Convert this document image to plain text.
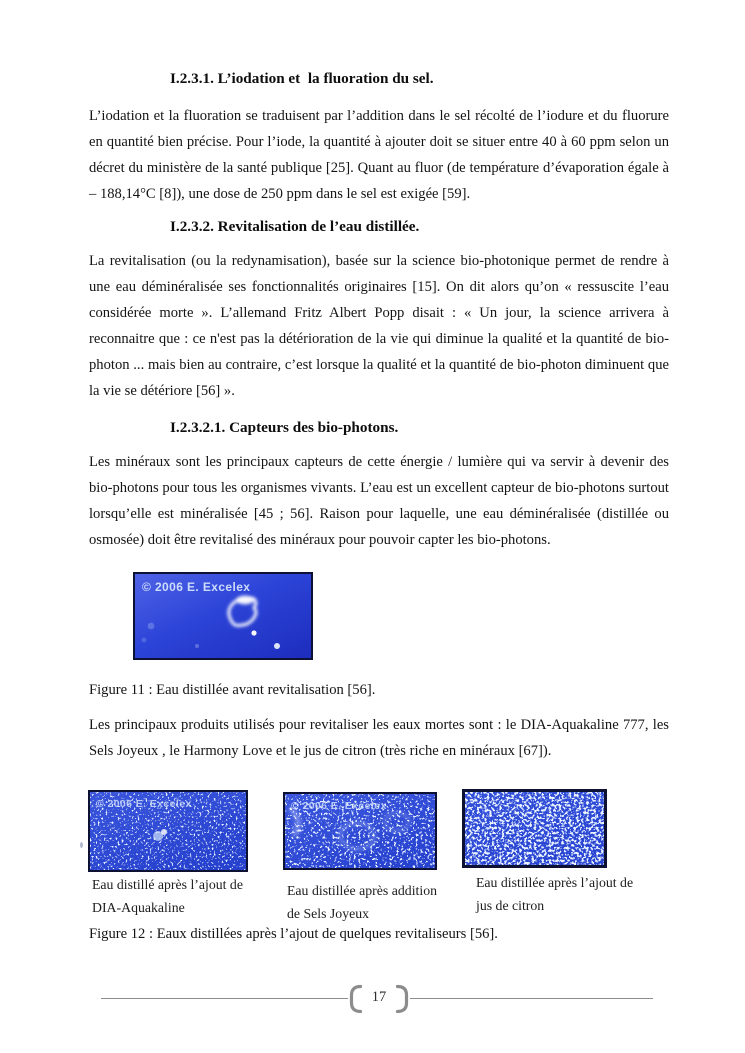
I.2.3.1. L’iodation et  la fluoration du sel.

L’iodation et la fluoration se traduisent par l’addition dans le sel récolté de l’iodure et du fluorure en quantité bien précise. Pour l’iode, la quantité à ajouter doit se situer entre 40 à 60 ppm selon un décret du ministère de la santé publique [25]. Quant au fluor (de température d’évaporation égale à – 188,14°C [8]), une dose de 250 ppm dans le sel est exigée [59].

I.2.3.2. Revitalisation de l’eau distillée.

La revitalisation (ou la redynamisation), basée sur la science bio-photonique permet de rendre à une eau déminéralisée ses fonctionnalités originaires [15]. On dit alors qu’on « ressuscite l’eau considérée morte ». L’allemand Fritz Albert Popp disait : « Un jour, la science arrivera à reconnaitre que : ce n'est pas la détérioration de la vie qui diminue la qualité et la quantité de bio-photon ... mais bien au contraire, c’est lorsque la qualité et la quantité de bio-photon diminuent que la vie se détériore [56] ».

I.2.3.2.1. Capteurs des bio-photons.

Les minéraux sont les principaux capteurs de cette énergie / lumière qui va servir à devenir des bio-photons pour tous les organismes vivants. L’eau est un excellent capteur de bio-photons surtout lorsqu’elle est minéralisée [45 ; 56]. Raison pour laquelle, une eau déminéralisée (distillée ou osmosée) doit être revitalisé des minéraux pour pouvoir capter les bio-photons.

© 2006 E. Excelex

Figure 11 : Eau distillée avant revitalisation [56].

Les principaux produits utilisés pour revitaliser les eaux mortes sont : le DIA-Aquakaline 777, les Sels Joyeux , le Harmony Love et le jus de citron (très riche en minéraux [67]).

© 2006 E. Excelex	© 2006 E. Excelex

Eau distillé après l’ajout de DIA-Aquakaline

Eau distillée après addition de Sels Joyeux

Eau distillée après l’ajout de jus de citron

Figure 12 : Eaux distillées après l’ajout de quelques revitaliseurs [56].

17
